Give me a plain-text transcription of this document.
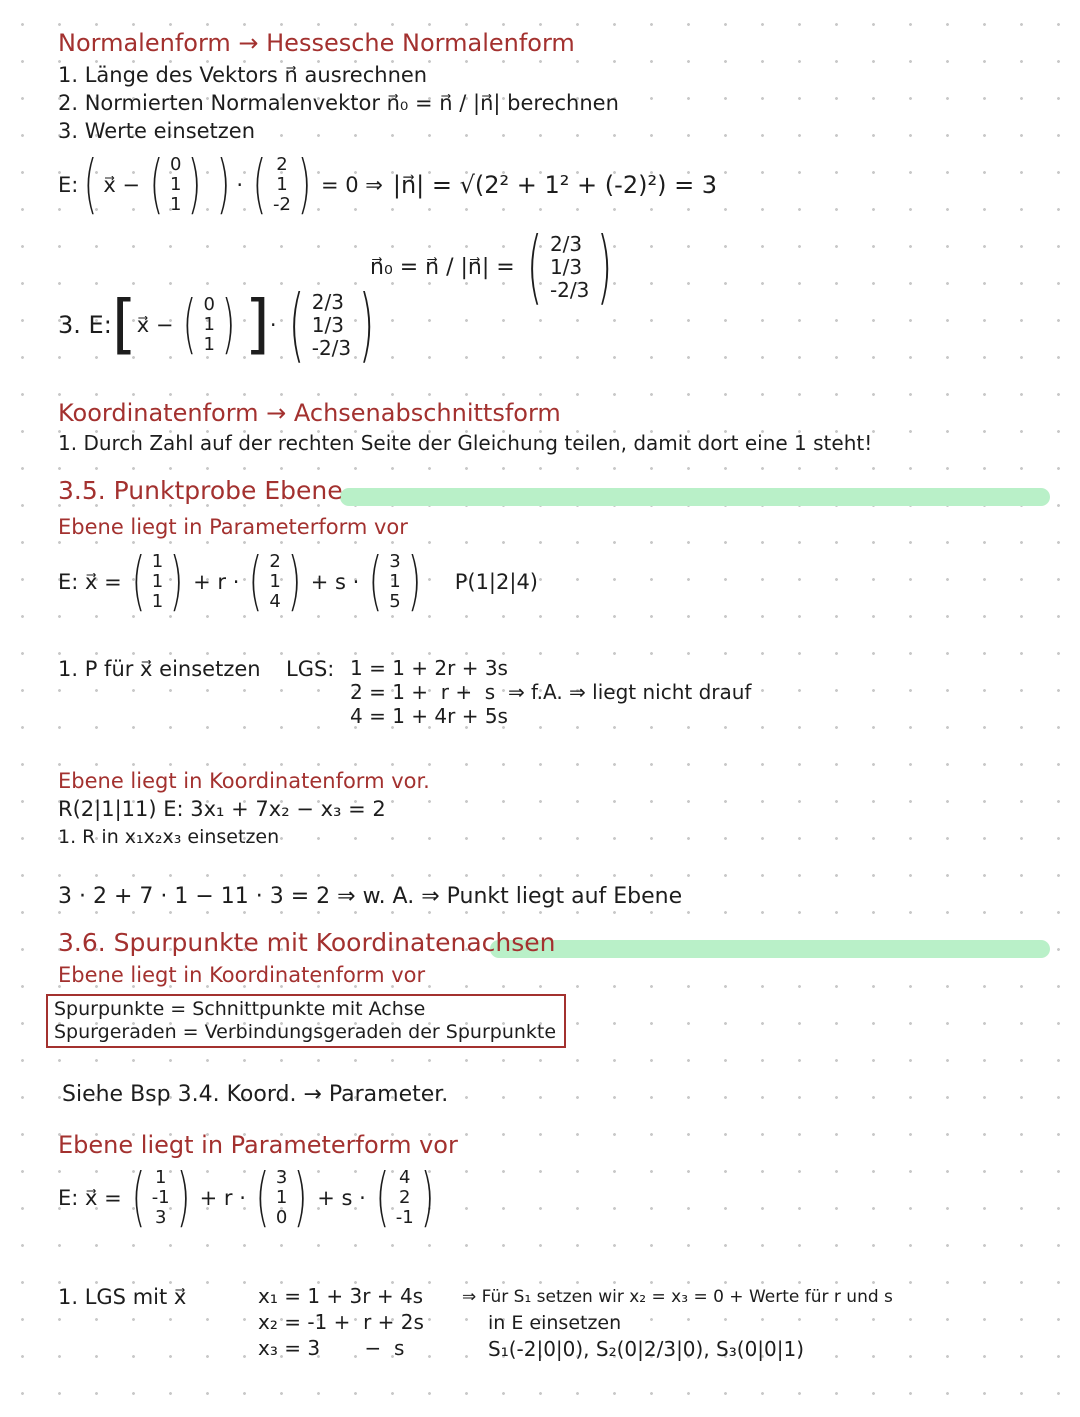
Normalenform → Hessesche Normalenform
1. Länge des Vektors n⃗ ausrechnen
2. Normierten Normalenvektor n⃗₀ = n⃗ / |n⃗| berechnen
3. Werte einsetzen
E: ( x⃗ − ( 0
1
1 ) ) · ( 2
1
-2 ) = 0 ⇒ |n⃗| = √(2² + 1² + (-2)²) = 3
n⃗₀ = n⃗ / |n⃗| = ( 2/3
1/3
-2/3 )
3. E: [ x⃗ − ( 0
1
1 ) ] · ( 2/3
1/3
-2/3 )
Koordinatenform → Achsenabschnittsform
1. Durch Zahl auf der rechten Seite der Gleichung teilen, damit dort eine 1 steht!
3.5. Punktprobe Ebene
Ebene liegt in Parameterform vor
E: x⃗ = ( 1
1
1 ) + r · ( 2
1
4 ) + s · ( 3
1
5 ) P(1|2|4)
1. P für x⃗ einsetzen LGS: 1 = 1 + 2r + 3s
2 = 1 +  r +  s  ⇒ f.A. ⇒ liegt nicht drauf
4 = 1 + 4r + 5s
Ebene liegt in Koordinatenform vor.
R(2|1|11) E: 3x₁ + 7x₂ − x₃ = 2
1. R in x₁x₂x₃ einsetzen
3 · 2 + 7 · 1 − 11 · 3 = 2 ⇒ w. A. ⇒ Punkt liegt auf Ebene
3.6. Spurpunkte mit Koordinatenachsen
Ebene liegt in Koordinatenform vor
Spurpunkte = Schnittpunkte mit Achse
Spurgeraden = Verbindungsgeraden der Spurpunkte
Siehe Bsp 3.4. Koord. → Parameter.
Ebene liegt in Parameterform vor
E: x⃗ = ( 1
-1
3 ) + r · ( 3
1
0 ) + s · ( 4
2
-1 )
1. LGS mit x⃗	x₁ = 1 + 3r + 4s
x₂ = -1 +  r + 2s
x₃ = 3       −  s
⇒ Für S₁ setzen wir x₂ = x₃ = 0 + Werte für r und s
in E einsetzen
S₁(-2|0|0), S₂(0|2/3|0), S₃(0|0|1)
